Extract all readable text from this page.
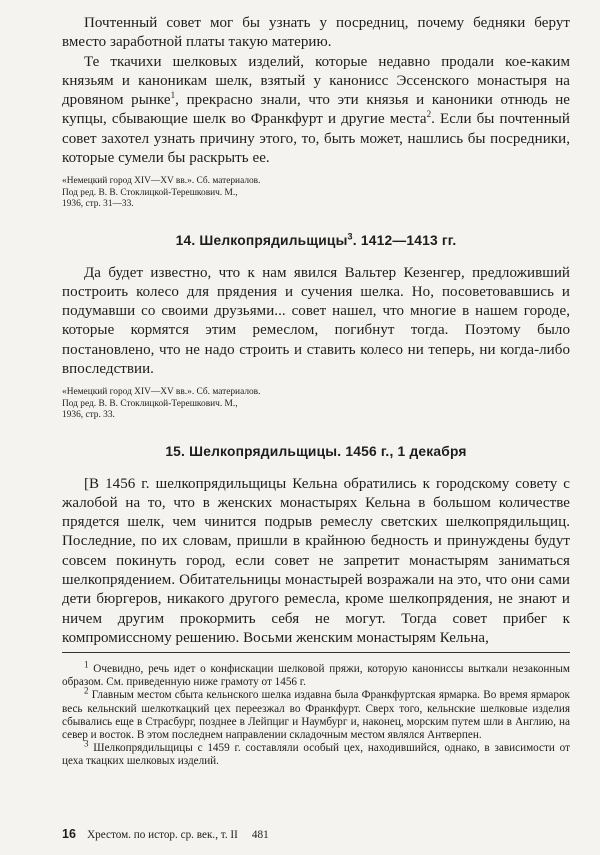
Почтенный совет мог бы узнать у посредниц, почему бедняки берут вместо заработной платы такую материю.

Те ткачихи шелковых изделий, которые недавно продали кое-каким князьям и каноникам шелк, взятый у канонисс Эссенского монастыря на дровяном рынке$^1$, прекрасно знали, что эти князья и каноники отнюдь не купцы, сбывающие шелк во Франкфурт и другие места$^2$. Если бы почтенный совет захотел узнать причину этого, то, быть может, нашлись бы посредники, которые сумели бы раскрыть ее.

«Немецкий город XIV—XV вв.». Сб. материалов.
Под ред. В. В. Стоклицкой-Терешкович. М.,
1936, стр. 31—33.
14. Шелкопрядильщицы$^3$. 1412—1413 гг.

Да будет известно, что к нам явился Вальтер Кезенгер, предложивший построить колесо для прядения и сучения шелка. Но, посоветовавшись и подумавши со своими друзьями... совет нашел, что многие в нашем городе, которые кормятся этим ремеслом, погибнут тогда. Поэтому было постановлено, что не надо строить и ставить колесо ни теперь, ни когда-либо впоследствии.

«Немецкий город XIV—XV вв.». Сб. материалов.
Под ред. В. В. Стоклицкой-Терешкович. М.,
1936, стр. 33.
15. Шелкопрядильщицы. 1456 г., 1 декабря

[В 1456 г. шелкопрядильщицы Кельна обратились к городскому совету с жалобой на то, что в женских монастырях Кельна в большом количестве прядется шелк, чем чинится подрыв ремеслу светских шелкопрядильщиц. Последние, по их словам, пришли в крайнюю бедность и принуждены будут совсем покинуть город, если совет не запретит монастырям заниматься шелкопрядением. Обитательницы монастырей возражали на это, что они сами дети бюргеров, никакого другого ремесла, кроме шелкопрядения, не знают и ничем другим прокормить себя не могут. Тогда совет прибег к компромиссному решению. Восьми женским монастырям Кельна,

$^1$ Очевидно, речь идет о конфискации шелковой пряжи, которую канониссы выткали незаконным образом. См. приведенную ниже грамоту от 1456 г.

$^2$ Главным местом сбыта кельнского шелка издавна была Франкфуртская ярмарка. Во время ярмарок весь кельнский шелкоткацкий цех переезжал во Франкфурт. Сверх того, кельнские шелковые изделия сбывались еще в Страсбург, позднее в Лейпциг и Наумбург и, наконец, морским путем шли в Англию, на север и восток. В этом последнем направлении складочным местом являлся Антверпен.

$^3$ Шелкопрядильщицы с 1459 г. составляли особый цех, находившийся, однако, в зависимости от цеха ткацких шелковых изделий.

16 Хрестом. по истор. ср. век., т. II 481
